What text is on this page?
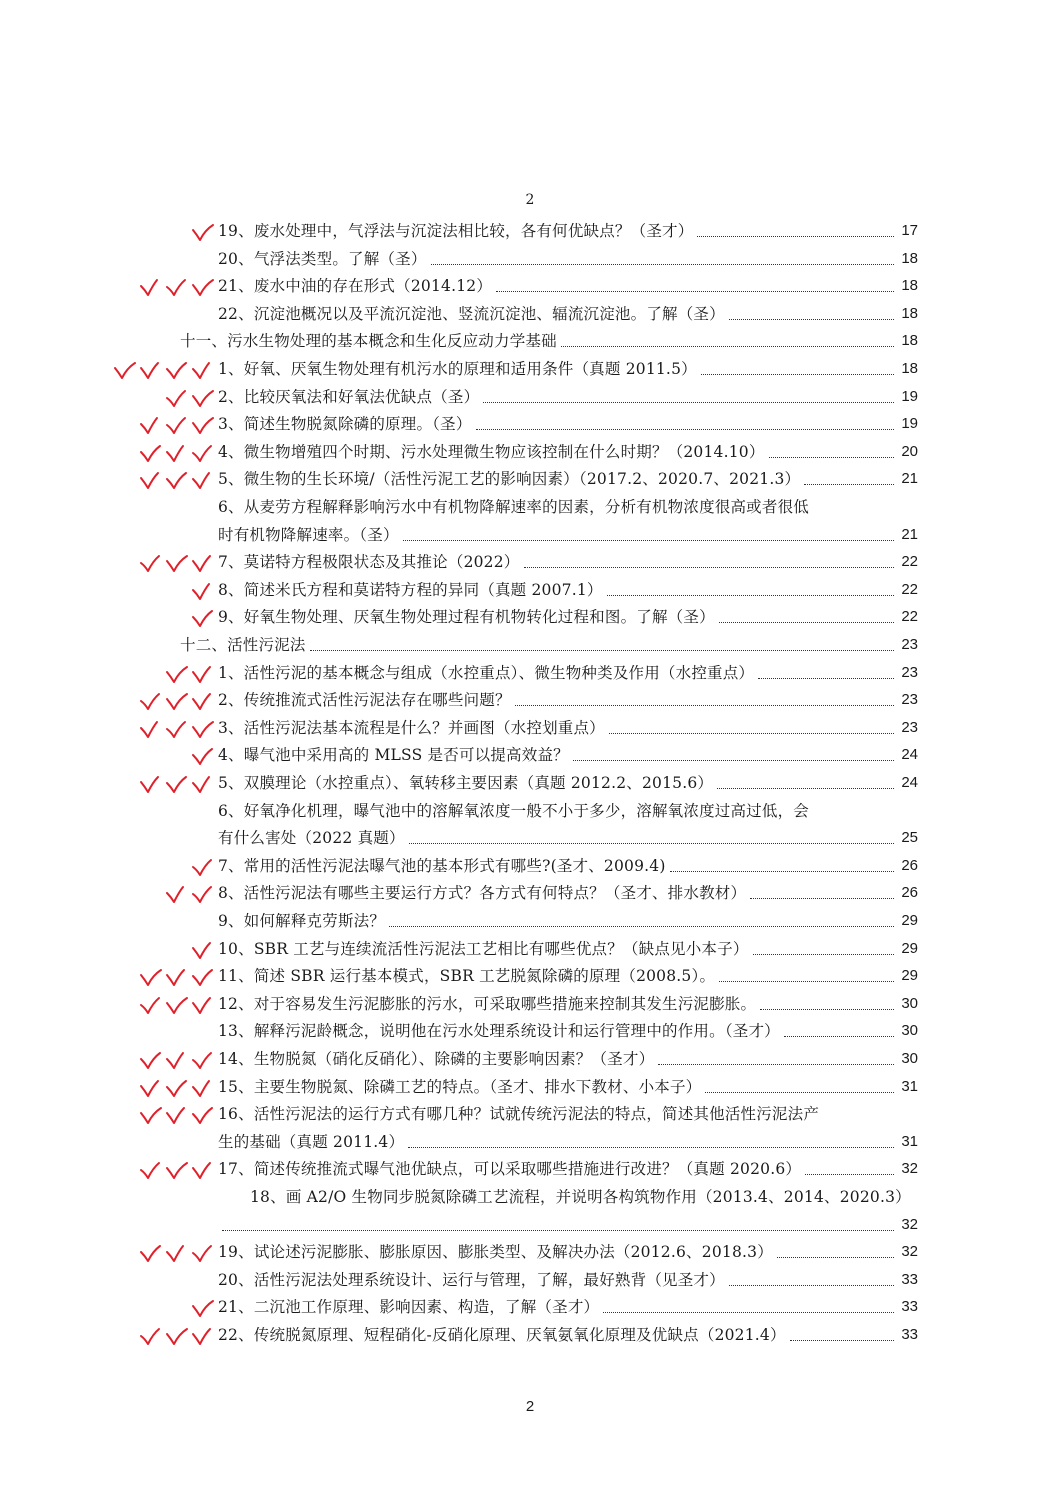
2
19、废水处理中，气浮法与沉淀法相比较，各有何优缺点？（圣才）	17
20、气浮法类型。了解（圣）	18
21、废水中油的存在形式（2014.12）	18
22、沉淀池概况以及平流沉淀池、竖流沉淀池、辐流沉淀池。了解（圣）	18
十一、污水生物处理的基本概念和生化反应动力学基础	18
1、好氧、厌氧生物处理有机污水的原理和适用条件（真题 2011.5）	18
2、比较厌氧法和好氧法优缺点（圣）	19
3、简述生物脱氮除磷的原理。（圣）	19
4、微生物增殖四个时期、污水处理微生物应该控制在什么时期？（2014.10）	20
5、微生物的生长环境/（活性污泥工艺的影响因素）（2017.2、2020.7、2021.3）	21
6、从麦劳方程解释影响污水中有机物降解速率的因素，分析有机物浓度很高或者很低
时有机物降解速率。（圣）	21
7、莫诺特方程极限状态及其推论（2022）	22
8、简述米氏方程和莫诺特方程的异同（真题 2007.1）	22
9、好氧生物处理、厌氧生物处理过程有机物转化过程和图。了解（圣）	22
十二、活性污泥法	23
1、活性污泥的基本概念与组成（水控重点）、微生物种类及作用（水控重点）	23
2、传统推流式活性污泥法存在哪些问题？	23
3、活性污泥法基本流程是什么？并画图（水控划重点）	23
4、曝气池中采用高的 MLSS 是否可以提高效益？	24
5、双膜理论（水控重点）、氧转移主要因素（真题 2012.2、2015.6）	24
6、好氧净化机理，曝气池中的溶解氧浓度一般不小于多少，溶解氧浓度过高过低，会
有什么害处（2022 真题）	25
7、常用的活性污泥法曝气池的基本形式有哪些?(圣才、2009.4)	26
8、活性污泥法有哪些主要运行方式？各方式有何特点？（圣才、排水教材）	26
9、如何解释克劳斯法？	29
10、SBR 工艺与连续流活性污泥法工艺相比有哪些优点？（缺点见小本子）	29
11、简述 SBR 运行基本模式，SBR 工艺脱氮除磷的原理（2008.5）。	29
12、对于容易发生污泥膨胀的污水，可采取哪些措施来控制其发生污泥膨胀。	30
13、解释污泥龄概念，说明他在污水处理系统设计和运行管理中的作用。（圣才）	30
14、生物脱氮（硝化反硝化）、除磷的主要影响因素？（圣才）	30
15、主要生物脱氮、除磷工艺的特点。（圣才、排水下教材、小本子）	31
16、活性污泥法的运行方式有哪几种？试就传统污泥法的特点，简述其他活性污泥法产
生的基础（真题 2011.4）	31
17、简述传统推流式曝气池优缺点，可以采取哪些措施进行改进？（真题 2020.6）	32
18、画 A2/O 生物同步脱氮除磷工艺流程，并说明各构筑物作用（2013.4、2014、2020.3）
32
19、试论述污泥膨胀、膨胀原因、膨胀类型、及解决办法（2012.6、2018.3）	32
20、活性污泥法处理系统设计、运行与管理，了解，最好熟背（见圣才）	33
21、二沉池工作原理、影响因素、构造，了解（圣才）	33
22、传统脱氮原理、短程硝化-反硝化原理、厌氧氨氧化原理及优缺点（2021.4）	33
2
